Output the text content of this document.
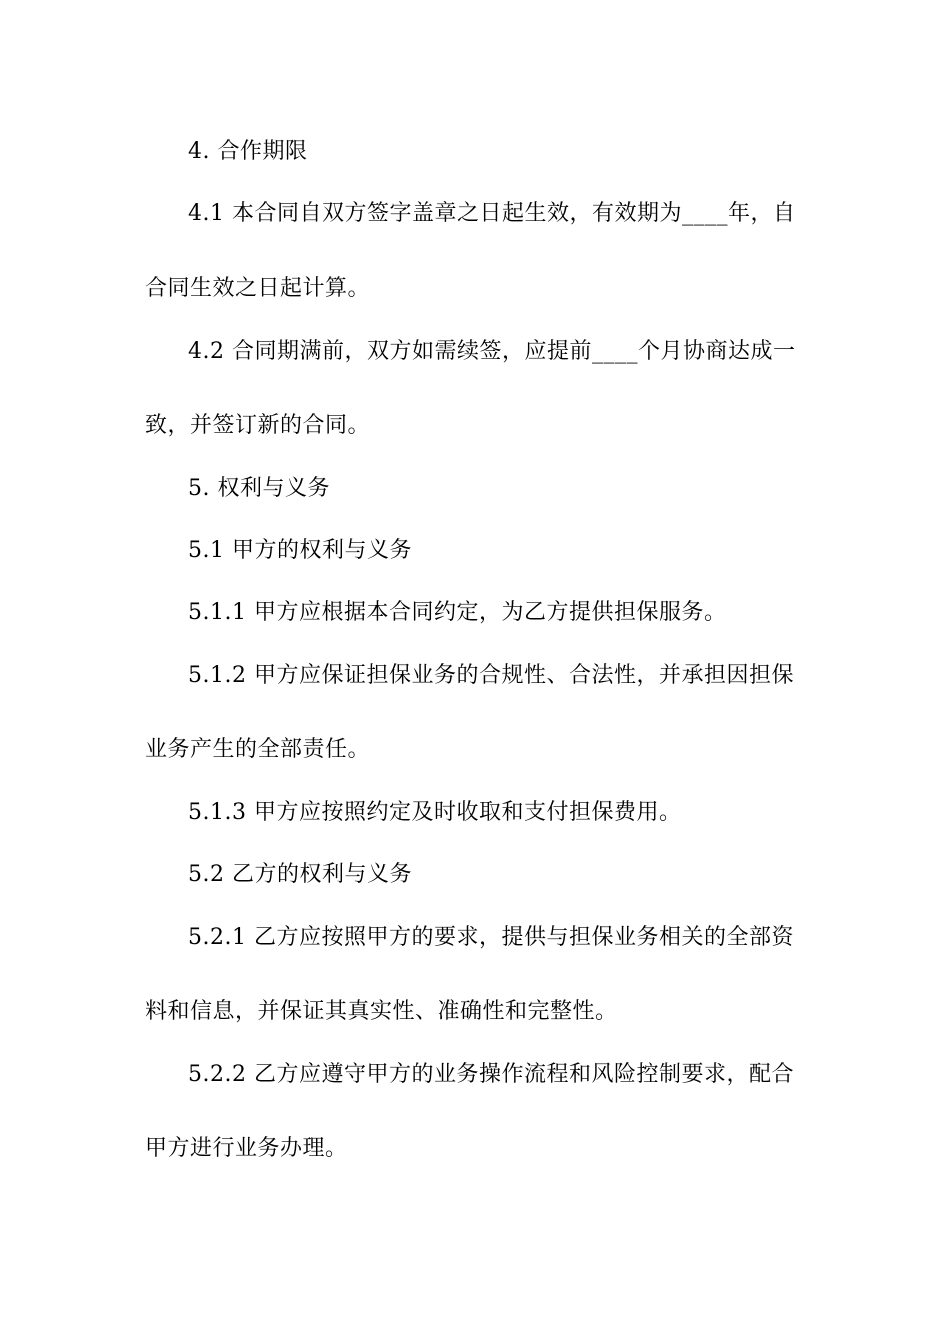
4. 合作期限
4.1 本合同自双方签字盖章之日起生效，有效期为____年，自
合同生效之日起计算。
4.2 合同期满前，双方如需续签，应提前____个月协商达成一
致，并签订新的合同。
5. 权利与义务
5.1 甲方的权利与义务
5.1.1 甲方应根据本合同约定，为乙方提供担保服务。
5.1.2 甲方应保证担保业务的合规性、合法性，并承担因担保
业务产生的全部责任。
5.1.3 甲方应按照约定及时收取和支付担保费用。
5.2 乙方的权利与义务
5.2.1 乙方应按照甲方的要求，提供与担保业务相关的全部资
料和信息，并保证其真实性、准确性和完整性。
5.2.2 乙方应遵守甲方的业务操作流程和风险控制要求，配合
甲方进行业务办理。
